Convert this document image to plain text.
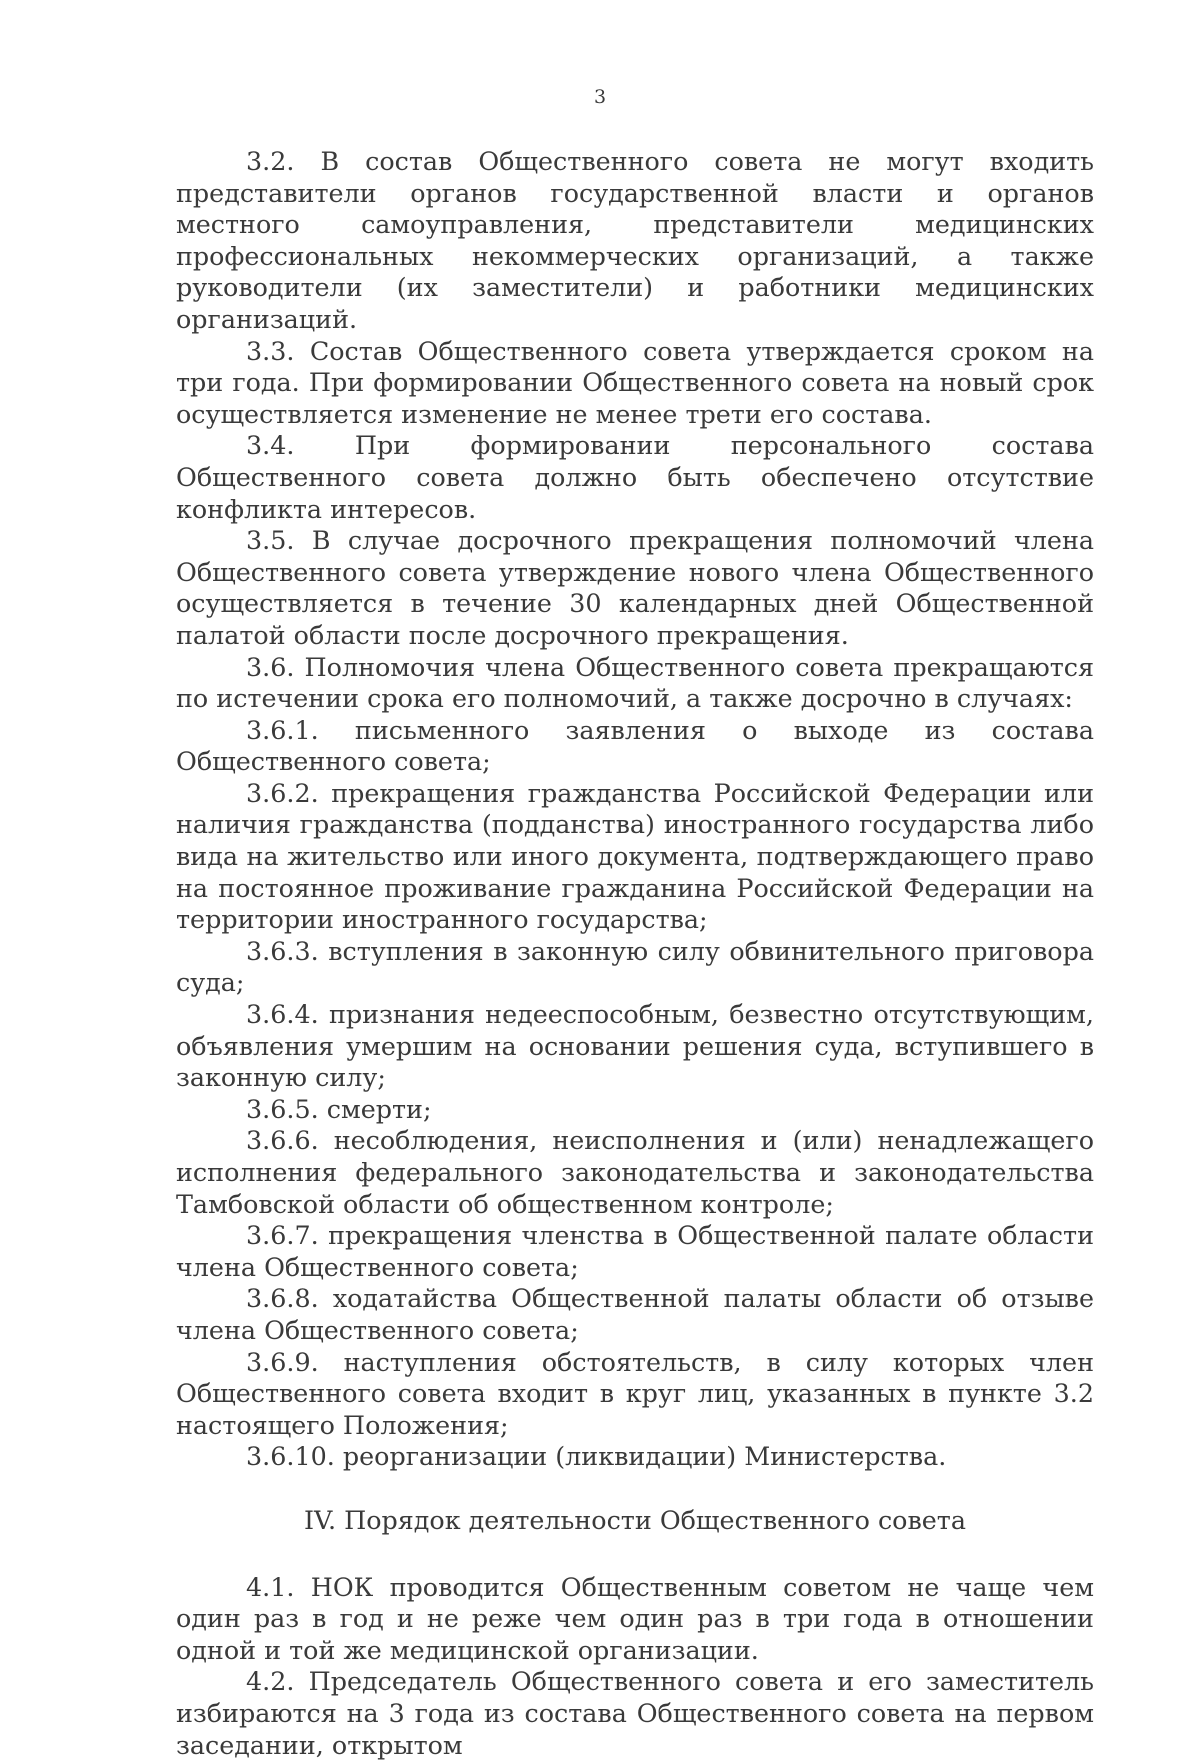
3

3.2. В состав Общественного совета не могут входить представители органов государственной власти и органов местного самоуправления, представители медицинских профессиональных некоммерческих организаций, а также руководители (их заместители) и работники медицинских организаций.

3.3. Состав Общественного совета утверждается сроком на три года. При формировании Общественного совета на новый срок осуществляется изменение не менее трети его состава.

3.4. При формировании персонального состава Общественного совета должно быть обеспечено отсутствие конфликта интересов.

3.5. В случае досрочного прекращения полномочий члена Общественного совета утверждение нового члена Общественного осуществляется в течение 30 календарных дней Общественной палатой области после досрочного прекращения.

3.6. Полномочия члена Общественного совета прекращаются по истечении срока его полномочий, а также досрочно в случаях:

3.6.1. письменного заявления о выходе из состава Общественного совета;

3.6.2. прекращения гражданства Российской Федерации или наличия гражданства (подданства) иностранного государства либо вида на жительство или иного документа, подтверждающего право на постоянное проживание гражданина Российской Федерации на территории иностранного государства;

3.6.3. вступления в законную силу обвинительного приговора суда;

3.6.4. признания недееспособным, безвестно отсутствующим, объявления умершим на основании решения суда, вступившего в законную силу;

3.6.5. смерти;

3.6.6. несоблюдения, неисполнения и (или) ненадлежащего исполнения федерального законодательства и законодательства Тамбовской области об общественном контроле;

3.6.7. прекращения членства в Общественной палате области члена Общественного совета;

3.6.8. ходатайства Общественной палаты области об отзыве члена Общественного совета;

3.6.9. наступления обстоятельств, в силу которых член Общественного совета входит в круг лиц, указанных в пункте 3.2 настоящего Положения;

3.6.10. реорганизации (ликвидации) Министерства.

IV. Порядок деятельности Общественного совета

4.1. НОК проводится Общественным советом не чаще чем один раз в год и не реже чем один раз в три года в отношении одной и той же медицинской организации.

4.2. Председатель Общественного совета и его заместитель избираются на 3 года из состава Общественного совета на первом заседании, открытом
